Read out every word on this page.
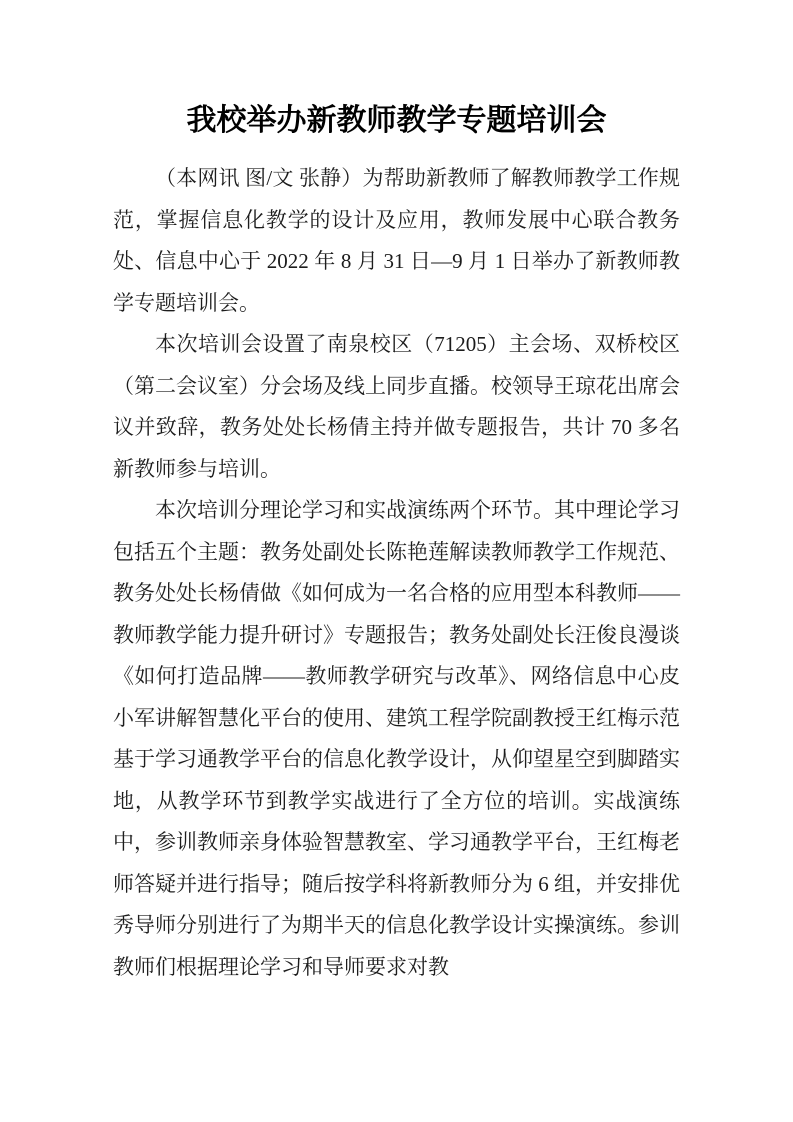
我校举办新教师教学专题培训会

（本网讯 图/文 张静）为帮助新教师了解教师教学工作规范，掌握信息化教学的设计及应用，教师发展中心联合教务处、信息中心于 2022 年 8 月 31 日—9 月 1 日举办了新教师教学专题培训会。

本次培训会设置了南泉校区（71205）主会场、双桥校区（第二会议室）分会场及线上同步直播。校领导王琼花出席会议并致辞，教务处处长杨倩主持并做专题报告，共计 70 多名新教师参与培训。

本次培训分理论学习和实战演练两个环节。其中理论学习包括五个主题：教务处副处长陈艳莲解读教师教学工作规范、教务处处长杨倩做《如何成为一名合格的应用型本科教师——教师教学能力提升研讨》专题报告；教务处副处长汪俊良漫谈《如何打造品牌——教师教学研究与改革》、网络信息中心皮小军讲解智慧化平台的使用、建筑工程学院副教授王红梅示范基于学习通教学平台的信息化教学设计，从仰望星空到脚踏实地，从教学环节到教学实战进行了全方位的培训。实战演练中，参训教师亲身体验智慧教室、学习通教学平台，王红梅老师答疑并进行指导；随后按学科将新教师分为 6 组，并安排优秀导师分别进行了为期半天的信息化教学设计实操演练。参训教师们根据理论学习和导师要求对教
